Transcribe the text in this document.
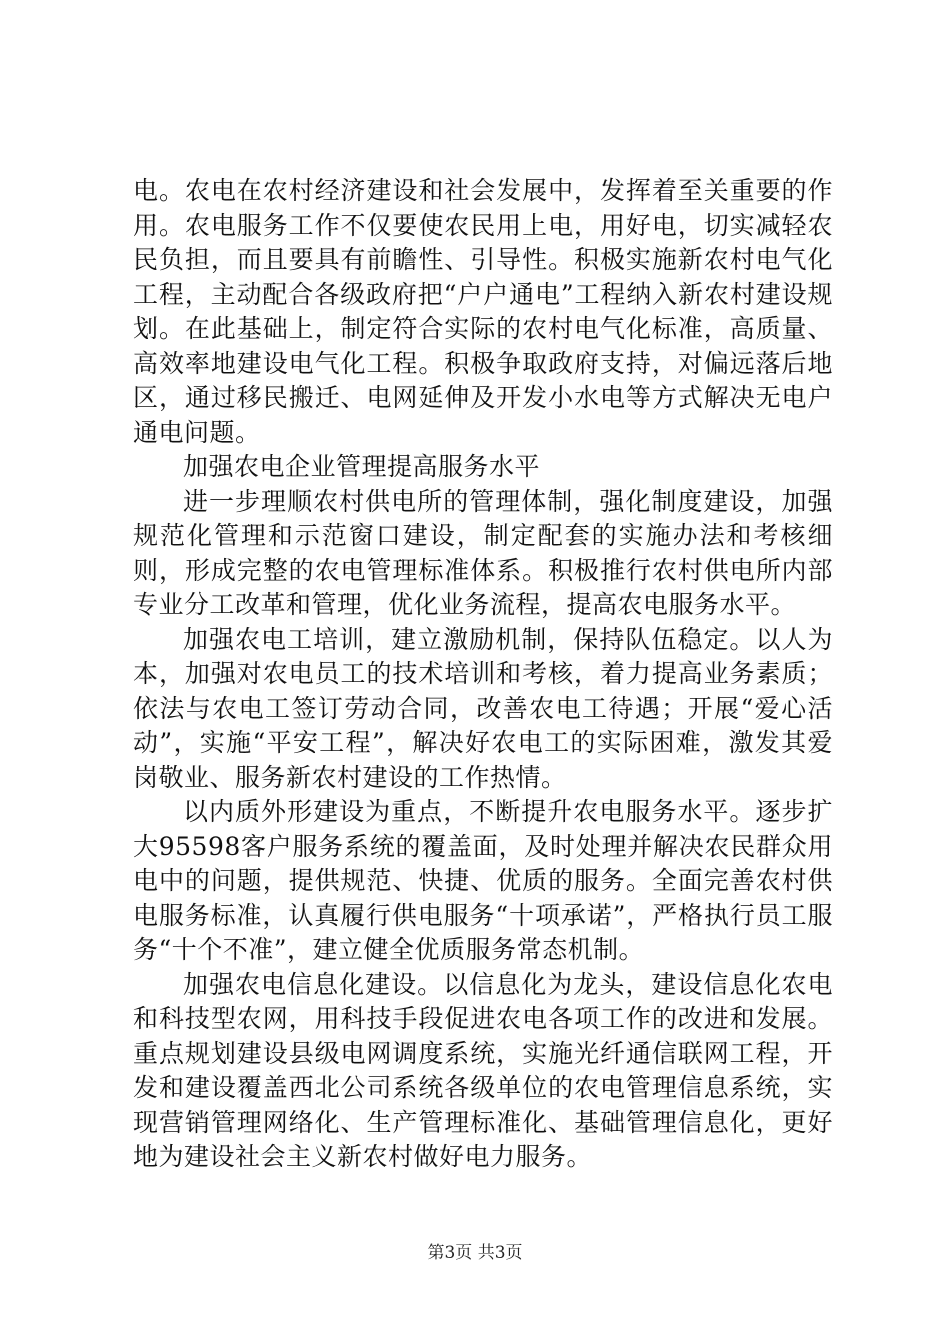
电。农电在农村经济建设和社会发展中，发挥着至关重要的作用。农电服务工作不仅要使农民用上电，用好电，切实减轻农民负担，而且要具有前瞻性、引导性。积极实施新农村电气化工程，主动配合各级政府把“户户通电”工程纳入新农村建设规划。在此基础上，制定符合实际的农村电气化标准，高质量、高效率地建设电气化工程。积极争取政府支持，对偏远落后地区，通过移民搬迁、电网延伸及开发小水电等方式解决无电户通电问题。

加强农电企业管理提高服务水平

进一步理顺农村供电所的管理体制，强化制度建设，加强规范化管理和示范窗口建设，制定配套的实施办法和考核细则，形成完整的农电管理标准体系。积极推行农村供电所内部专业分工改革和管理，优化业务流程，提高农电服务水平。

加强农电工培训，建立激励机制，保持队伍稳定。以人为本，加强对农电员工的技术培训和考核，着力提高业务素质；依法与农电工签订劳动合同，改善农电工待遇；开展“爱心活动”，实施“平安工程”，解决好农电工的实际困难，激发其爱岗敬业、服务新农村建设的工作热情。

以内质外形建设为重点，不断提升农电服务水平。逐步扩大95598客户服务系统的覆盖面，及时处理并解决农民群众用电中的问题，提供规范、快捷、优质的服务。全面完善农村供电服务标准，认真履行供电服务“十项承诺”，严格执行员工服务“十个不准”，建立健全优质服务常态机制。

加强农电信息化建设。以信息化为龙头，建设信息化农电和科技型农网，用科技手段促进农电各项工作的改进和发展。重点规划建设县级电网调度系统，实施光纤通信联网工程，开发和建设覆盖西北公司系统各级单位的农电管理信息系统，实现营销管理网络化、生产管理标准化、基础管理信息化，更好地为建设社会主义新农村做好电力服务。

第3页 共3页
